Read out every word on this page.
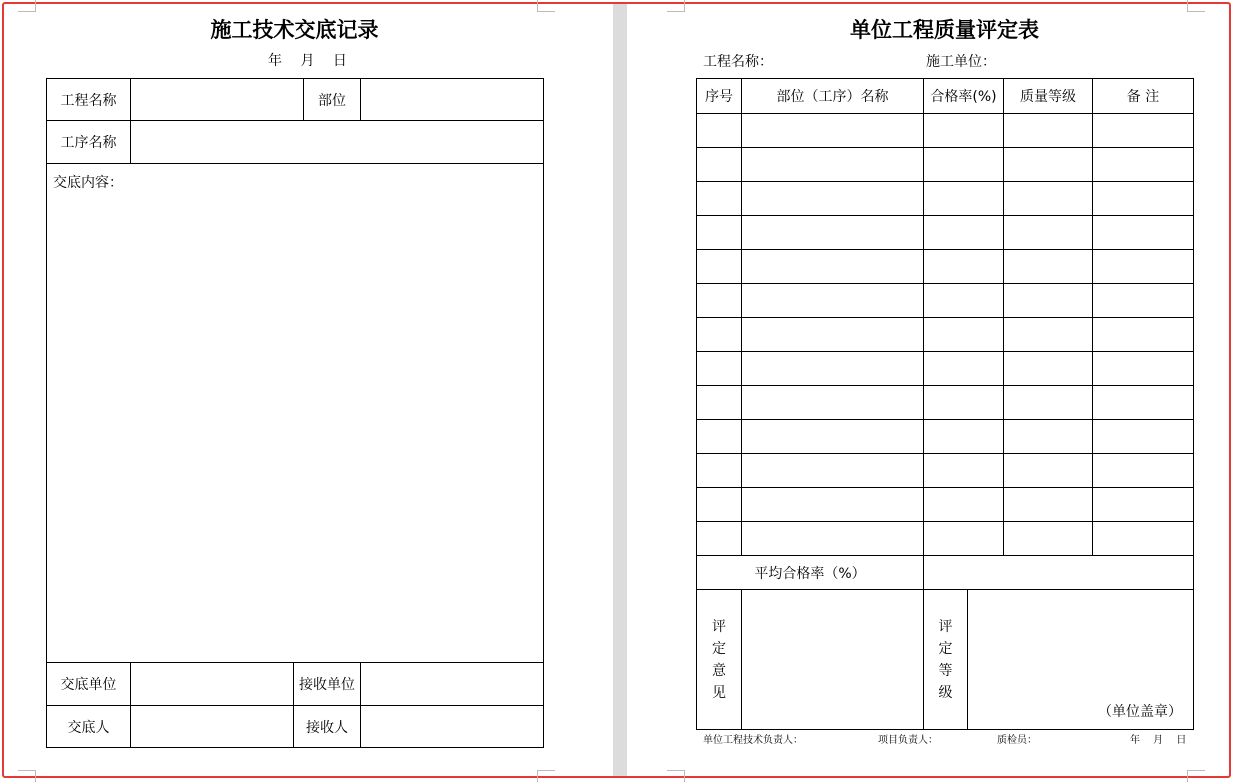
施工技术交底记录
年 月 日
工程名称			部位	
工序名称				
交底内容：				
交底单位		接收单位		
交底人		接收人		
单位工程质量评定表
工程名称：	施工单位：
序号	部位（工序）名称	合格率(%)		质量等级	备 注

平均合格率（%）					
评
定
意
见		评
定
等
级			
（单位盖章）
单位工程技术负责人：	项目负责人：	质检员：	年 月 日
